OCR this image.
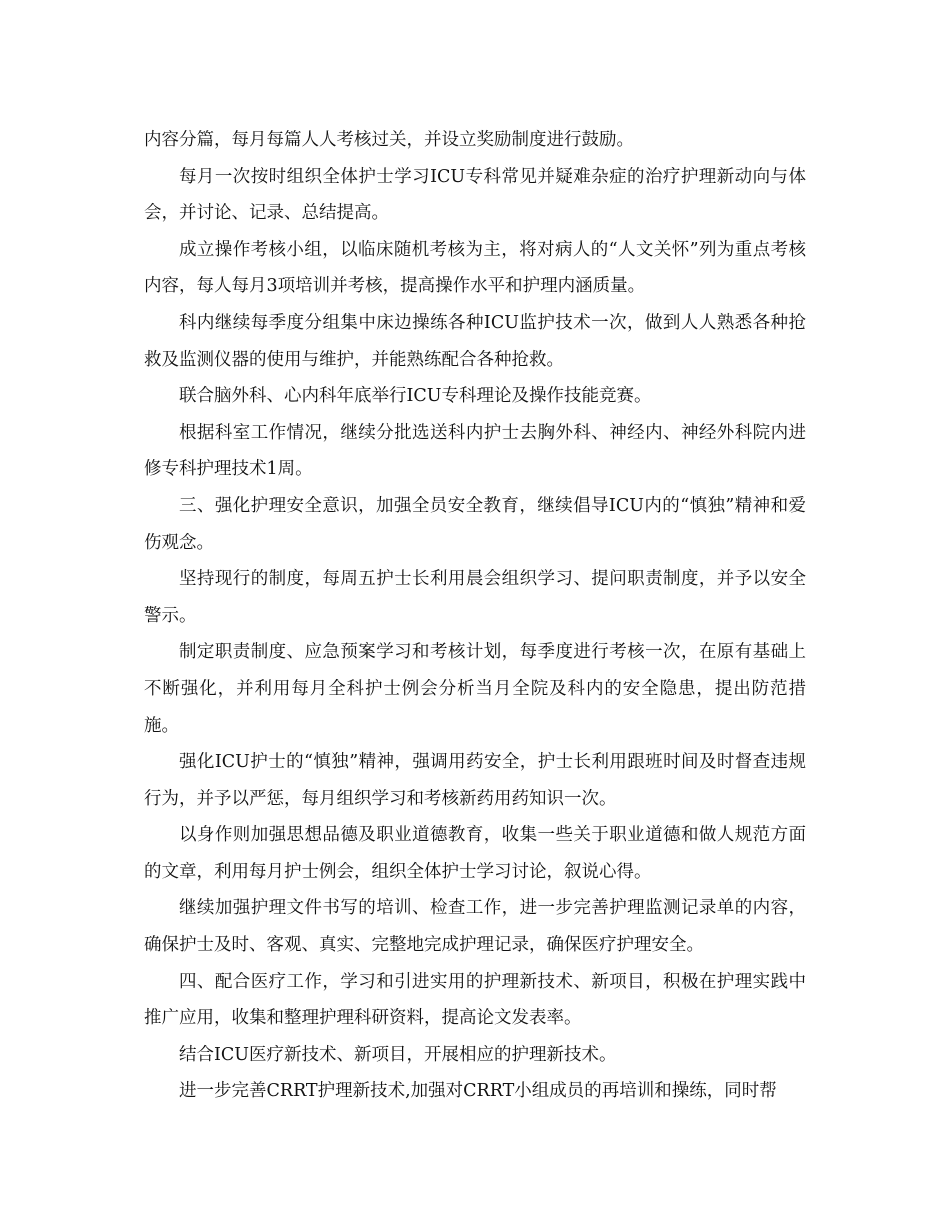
内容分篇，每月每篇人人考核过关，并设立奖励制度进行鼓励。

每月一次按时组织全体护士学习ICU专科常见并疑难杂症的治疗护理新动向与体会，并讨论、记录、总结提高。

成立操作考核小组，以临床随机考核为主，将对病人的“人文关怀”列为重点考核内容，每人每月3项培训并考核，提高操作水平和护理内涵质量。

科内继续每季度分组集中床边操练各种ICU监护技术一次，做到人人熟悉各种抢救及监测仪器的使用与维护，并能熟练配合各种抢救。

联合脑外科、心内科年底举行ICU专科理论及操作技能竞赛。

根据科室工作情况，继续分批选送科内护士去胸外科、神经内、神经外科院内进修专科护理技术1周。

三、强化护理安全意识，加强全员安全教育，继续倡导ICU内的“慎独”精神和爱伤观念。

坚持现行的制度，每周五护士长利用晨会组织学习、提问职责制度，并予以安全警示。

制定职责制度、应急预案学习和考核计划，每季度进行考核一次，在原有基础上不断强化，并利用每月全科护士例会分析当月全院及科内的安全隐患，提出防范措施。

强化ICU护士的“慎独”精神，强调用药安全，护士长利用跟班时间及时督查违规行为，并予以严惩，每月组织学习和考核新药用药知识一次。

以身作则加强思想品德及职业道德教育，收集一些关于职业道德和做人规范方面的文章，利用每月护士例会，组织全体护士学习讨论，叙说心得。

继续加强护理文件书写的培训、检查工作，进一步完善护理监测记录单的内容，确保护士及时、客观、真实、完整地完成护理记录，确保医疗护理安全。

四、配合医疗工作，学习和引进实用的护理新技术、新项目，积极在护理实践中推广应用，收集和整理护理科研资料，提高论文发表率。

结合ICU医疗新技术、新项目，开展相应的护理新技术。

进一步完善CRRT护理新技术,加强对CRRT小组成员的再培训和操练，同时帮
